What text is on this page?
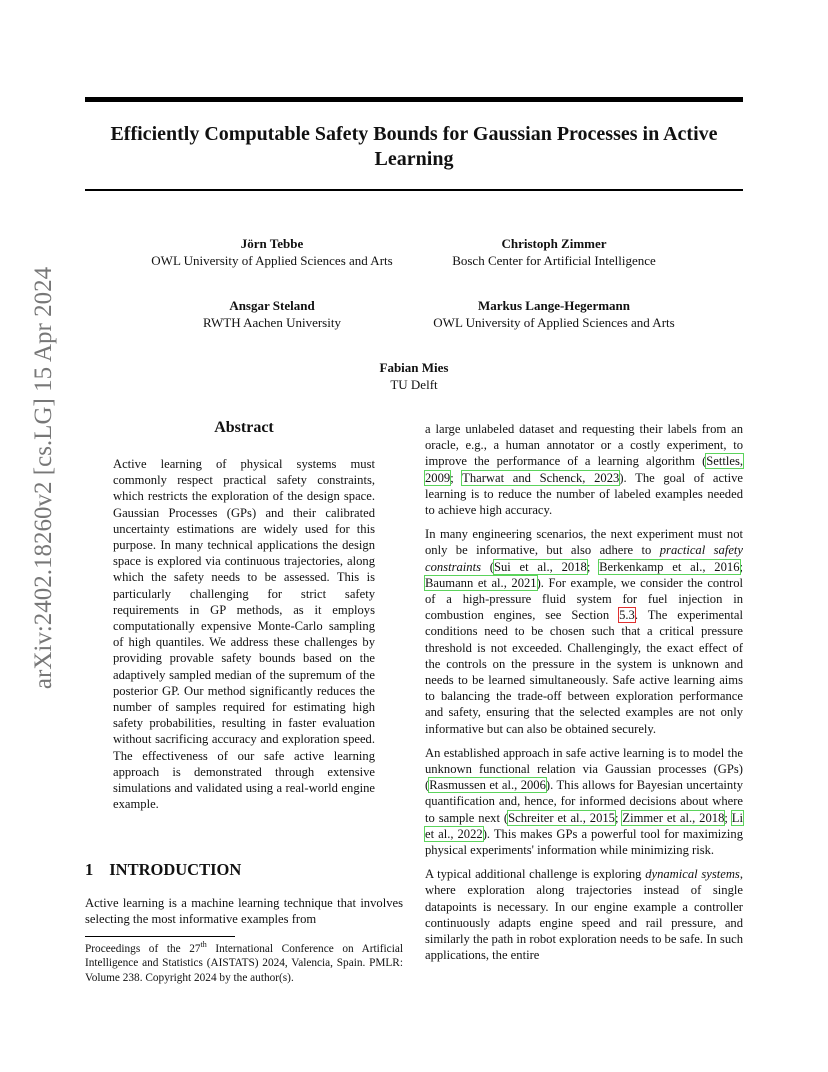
arXiv:2402.18260v2 [cs.LG] 15 Apr 2024
Efficiently Computable Safety Bounds for Gaussian Processes in Active Learning
Jörn Tebbe
OWL University of Applied Sciences and Arts
Christoph Zimmer
Bosch Center for Artificial Intelligence
Ansgar Steland
RWTH Aachen University
Markus Lange-Hegermann
OWL University of Applied Sciences and Arts
Fabian Mies
TU Delft
Abstract

Active learning of physical systems must commonly respect practical safety constraints, which restricts the exploration of the design space. Gaussian Processes (GPs) and their calibrated uncertainty estimations are widely used for this purpose. In many technical applications the design space is explored via continuous trajectories, along which the safety needs to be assessed. This is particularly challenging for strict safety requirements in GP methods, as it employs computationally expensive Monte-Carlo sampling of high quantiles. We address these challenges by providing provable safety bounds based on the adaptively sampled median of the supremum of the posterior GP. Our method significantly reduces the number of samples required for estimating high safety probabilities, resulting in faster evaluation without sacrificing accuracy and exploration speed. The effectiveness of our safe active learning approach is demonstrated through extensive simulations and validated using a real-world engine example.

1 INTRODUCTION

Active learning is a machine learning technique that involves selecting the most informative examples from

Proceedings of the 27th International Conference on Artificial Intelligence and Statistics (AISTATS) 2024, Valencia, Spain. PMLR: Volume 238. Copyright 2024 by the author(s).

a large unlabeled dataset and requesting their labels from an oracle, e.g., a human annotator or a costly experiment, to improve the performance of a learning algorithm (Settles, 2009; Tharwat and Schenck, 2023). The goal of active learning is to reduce the number of labeled examples needed to achieve high accuracy.

In many engineering scenarios, the next experiment must not only be informative, but also adhere to practical safety constraints (Sui et al., 2018; Berkenkamp et al., 2016; Baumann et al., 2021). For example, we consider the control of a high-pressure fluid system for fuel injection in combustion engines, see Section 5.3. The experimental conditions need to be chosen such that a critical pressure threshold is not exceeded. Challengingly, the exact effect of the controls on the pressure in the system is unknown and needs to be learned simultaneously. Safe active learning aims to balancing the trade-off between exploration performance and safety, ensuring that the selected examples are not only informative but can also be obtained securely.

An established approach in safe active learning is to model the unknown functional relation via Gaussian processes (GPs) (Rasmussen et al., 2006). This allows for Bayesian uncertainty quantification and, hence, for informed decisions about where to sample next (Schreiter et al., 2015; Zimmer et al., 2018; Li et al., 2022). This makes GPs a powerful tool for maximizing physical experiments' information while minimizing risk.

A typical additional challenge is exploring dynamical systems, where exploration along trajectories instead of single datapoints is necessary. In our engine example a controller continuously adapts engine speed and rail pressure, and similarly the path in robot exploration needs to be safe. In such applications, the entire
